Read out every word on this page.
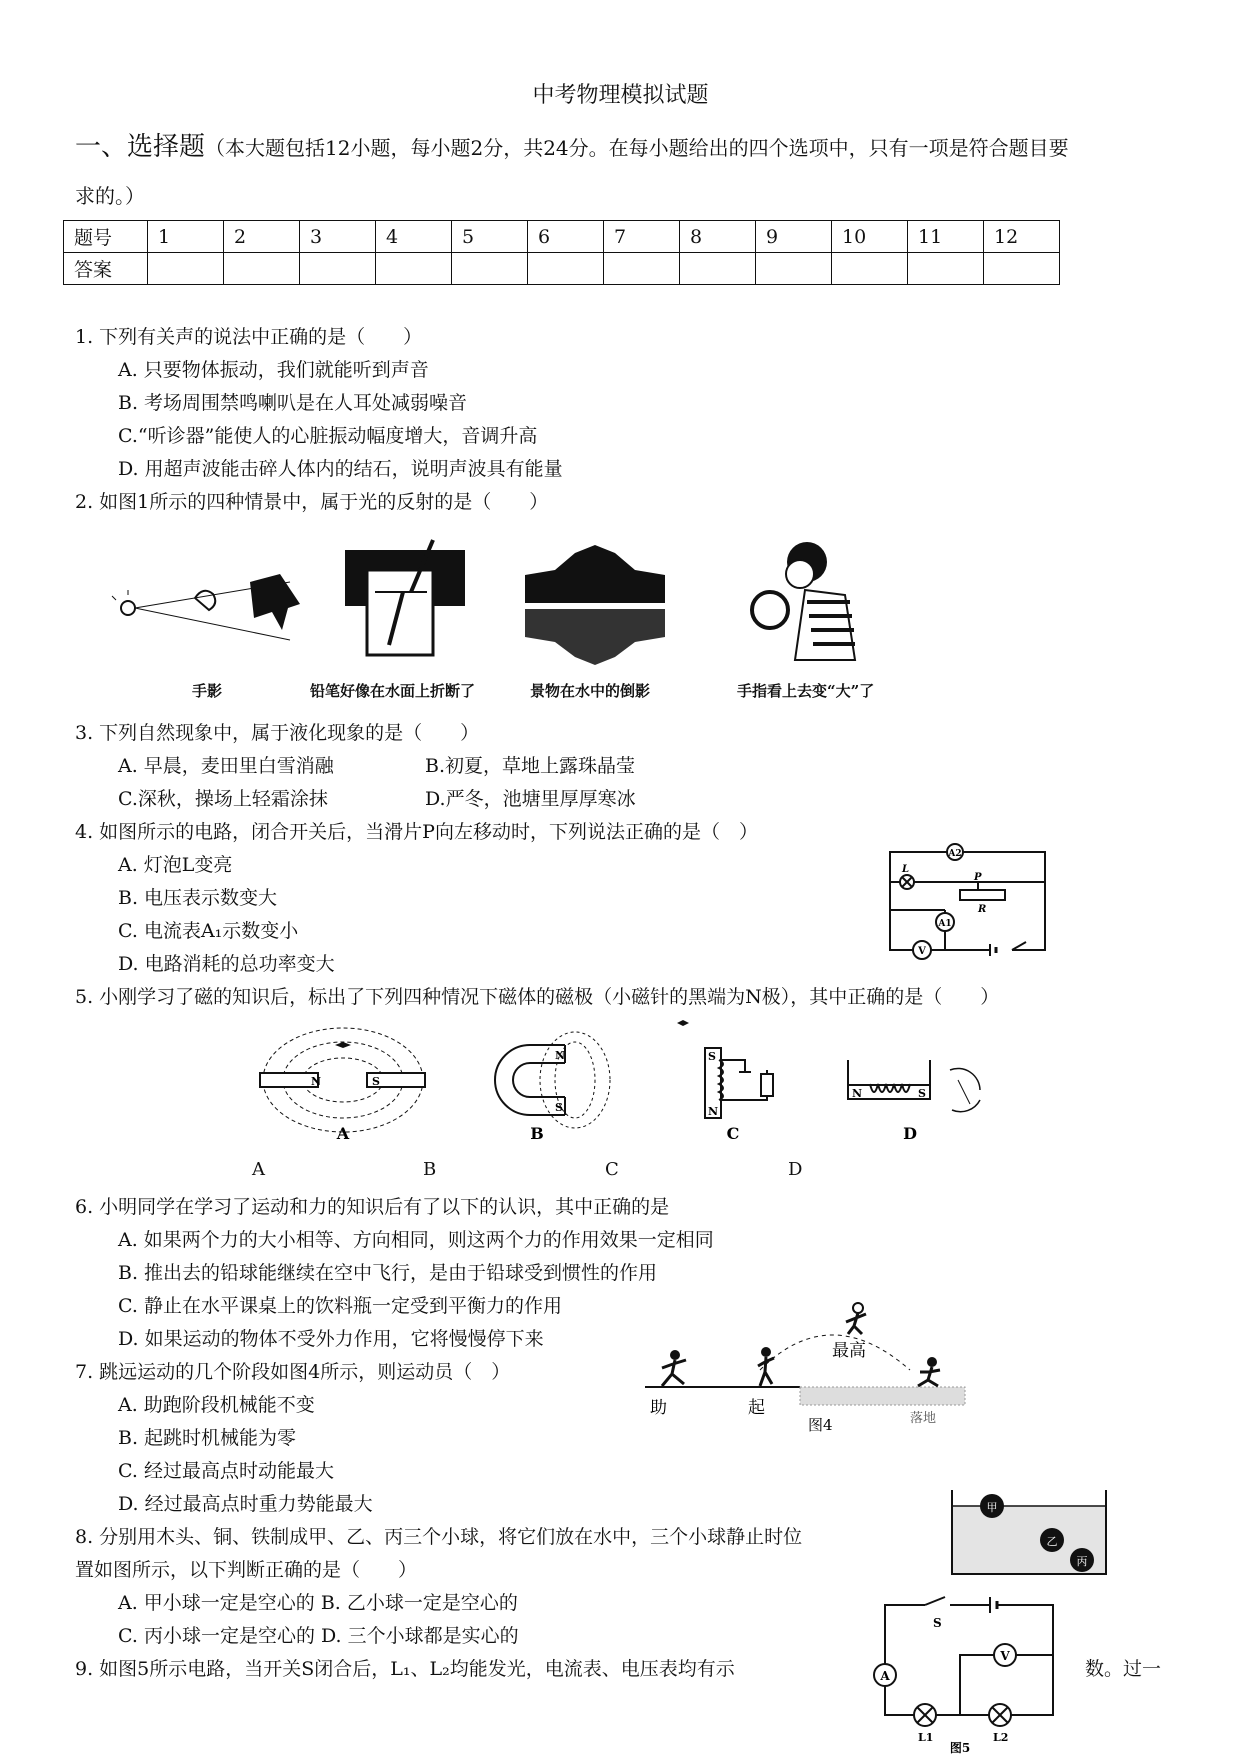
中考物理模拟试题
一、选择题（本大题包括12小题，每小题2分，共24分。在每小题给出的四个选项中，只有一项是符合题目要
求的。）
题号	1	2	3	4	5	6	7	8	9	10	11	12
答案												
1. 下列有关声的说法中正确的是（　　）
A. 只要物体振动，我们就能听到声音
B. 考场周围禁鸣喇叭是在人耳处减弱噪音
C.“听诊器”能使人的心脏振动幅度增大，音调升高
D. 用超声波能击碎人体内的结石，说明声波具有能量
2. 如图1所示的四种情景中，属于光的反射的是（　　）
手影	铅笔好像在水面上折断了	景物在水中的倒影	手指看上去变“大”了
3. 下列自然现象中，属于液化现象的是（　　）
A. 早晨，麦田里白雪消融	B.初夏，草地上露珠晶莹
C.深秋，操场上轻霜涂抹	D.严冬，池塘里厚厚寒冰
4. 如图所示的电路，闭合开关后，当滑片P向左移动时，下列说法正确的是（　）
A. 灯泡L变亮
B. 电压表示数变大
C. 电流表A₁示数变小
D. 电路消耗的总功率变大
A2
A1
V
L
P
R
5. 小刚学习了磁的知识后，标出了下列四种情况下磁体的磁极（小磁针的黑端为N极），其中正确的是（　　）
N	S
A
N
S
B
S
N
C
N	S
D
A	B	C	D
6. 小明同学在学习了运动和力的知识后有了以下的认识，其中正确的是
A. 如果两个力的大小相等、方向相同，则这两个力的作用效果一定相同
B. 推出去的铅球能继续在空中飞行，是由于铅球受到惯性的作用
C. 静止在水平课桌上的饮料瓶一定受到平衡力的作用
D. 如果运动的物体不受外力作用，它将慢慢停下来
7. 跳远运动的几个阶段如图4所示，则运动员（　）
A. 助跑阶段机械能不变
B. 起跳时机械能为零
C. 经过最高点时动能最大
D. 经过最高点时重力势能最大
助	起
最高
落地
图4
8. 分别用木头、铜、铁制成甲、乙、丙三个小球，将它们放在水中，三个小球静止时位
置如图所示，以下判断正确的是（　　）
A. 甲小球一定是空心的 B. 乙小球一定是空心的
C. 丙小球一定是空心的 D. 三个小球都是实心的
甲
乙
丙
9. 如图5所示电路，当开关S闭合后，L₁、L₂均能发光，电流表、电压表均有示	数。过一
S
A
V
L1	L2
图5
